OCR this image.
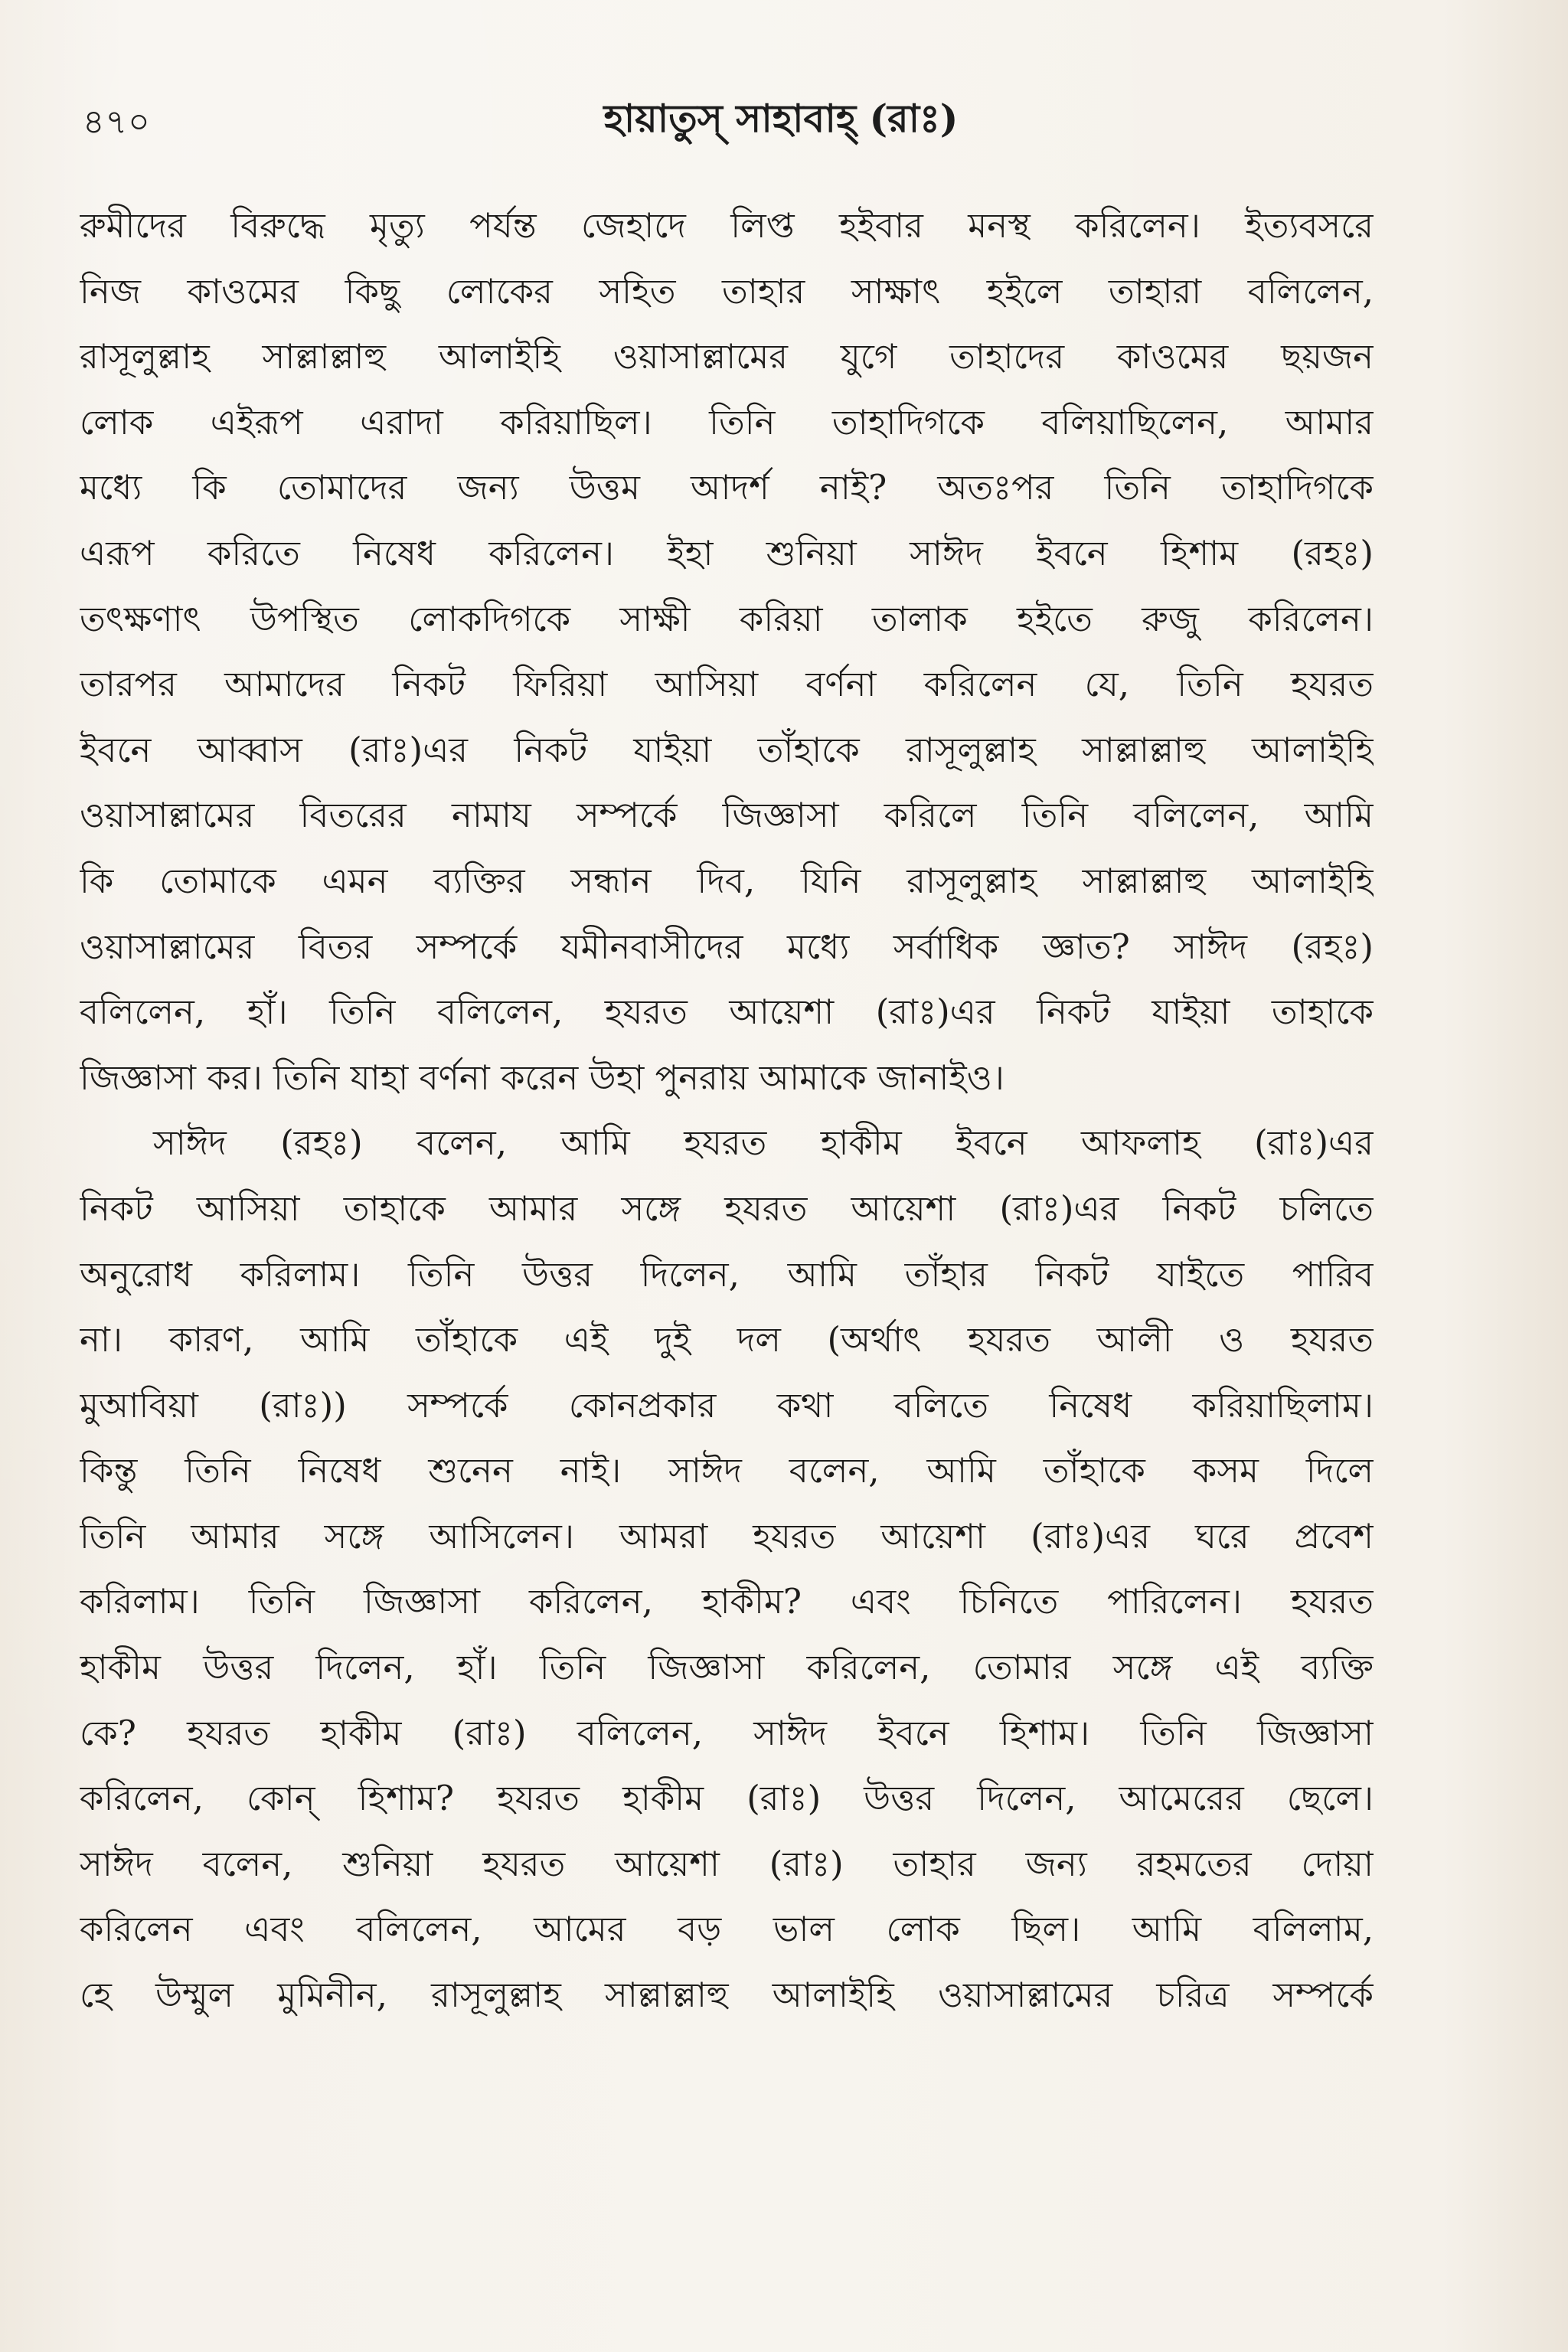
৪৭০	হায়াতুস্ সাহাবাহ্ (রাঃ)
রুমীদের বিরুদ্ধে মৃত্যু পর্যন্ত জেহাদে লিপ্ত হইবার মনস্থ করিলেন। ইত্যবসরে
নিজ কাওমের কিছু লোকের সহিত তাহার সাক্ষাৎ হইলে তাহারা বলিলেন,
রাসূলুল্লাহ সাল্লাল্লাহু আলাইহি ওয়াসাল্লামের যুগে তাহাদের কাওমের ছয়জন
লোক এইরূপ এরাদা করিয়াছিল। তিনি তাহাদিগকে বলিয়াছিলেন, আমার
মধ্যে কি তোমাদের জন্য উত্তম আদর্শ নাই? অতঃপর তিনি তাহাদিগকে
এরূপ করিতে নিষেধ করিলেন। ইহা শুনিয়া সাঈদ ইবনে হিশাম (রহঃ)
তৎক্ষণাৎ উপস্থিত লোকদিগকে সাক্ষী করিয়া তালাক হইতে রুজু করিলেন।
তারপর আমাদের নিকট ফিরিয়া আসিয়া বর্ণনা করিলেন যে, তিনি হযরত
ইবনে আব্বাস (রাঃ)এর নিকট যাইয়া তাঁহাকে রাসূলুল্লাহ সাল্লাল্লাহু আলাইহি
ওয়াসাল্লামের বিতরের নামায সম্পর্কে জিজ্ঞাসা করিলে তিনি বলিলেন, আমি
কি তোমাকে এমন ব্যক্তির সন্ধান দিব, যিনি রাসূলুল্লাহ সাল্লাল্লাহু আলাইহি
ওয়াসাল্লামের বিতর সম্পর্কে যমীনবাসীদের মধ্যে সর্বাধিক জ্ঞাত? সাঈদ (রহঃ)
বলিলেন, হাঁ। তিনি বলিলেন, হযরত আয়েশা (রাঃ)এর নিকট যাইয়া তাহাকে
জিজ্ঞাসা কর। তিনি যাহা বর্ণনা করেন উহা পুনরায় আমাকে জানাইও।
সাঈদ (রহঃ) বলেন, আমি হযরত হাকীম ইবনে আফলাহ (রাঃ)এর
নিকট আসিয়া তাহাকে আমার সঙ্গে হযরত আয়েশা (রাঃ)এর নিকট চলিতে
অনুরোধ করিলাম। তিনি উত্তর দিলেন, আমি তাঁহার নিকট যাইতে পারিব
না। কারণ, আমি তাঁহাকে এই দুই দল (অর্থাৎ হযরত আলী ও হযরত
মুআবিয়া (রাঃ)) সম্পর্কে কোনপ্রকার কথা বলিতে নিষেধ করিয়াছিলাম।
কিন্তু তিনি নিষেধ শুনেন নাই। সাঈদ বলেন, আমি তাঁহাকে কসম দিলে
তিনি আমার সঙ্গে আসিলেন। আমরা হযরত আয়েশা (রাঃ)এর ঘরে প্রবেশ
করিলাম। তিনি জিজ্ঞাসা করিলেন, হাকীম? এবং চিনিতে পারিলেন। হযরত
হাকীম উত্তর দিলেন, হাঁ। তিনি জিজ্ঞাসা করিলেন, তোমার সঙ্গে এই ব্যক্তি
কে? হযরত হাকীম (রাঃ) বলিলেন, সাঈদ ইবনে হিশাম। তিনি জিজ্ঞাসা
করিলেন, কোন্ হিশাম? হযরত হাকীম (রাঃ) উত্তর দিলেন, আমেরের ছেলে।
সাঈদ বলেন, শুনিয়া হযরত আয়েশা (রাঃ) তাহার জন্য রহমতের দোয়া
করিলেন এবং বলিলেন, আমের বড় ভাল লোক ছিল। আমি বলিলাম,
হে উম্মুল মুমিনীন, রাসূলুল্লাহ সাল্লাল্লাহু আলাইহি ওয়াসাল্লামের চরিত্র সম্পর্কে
